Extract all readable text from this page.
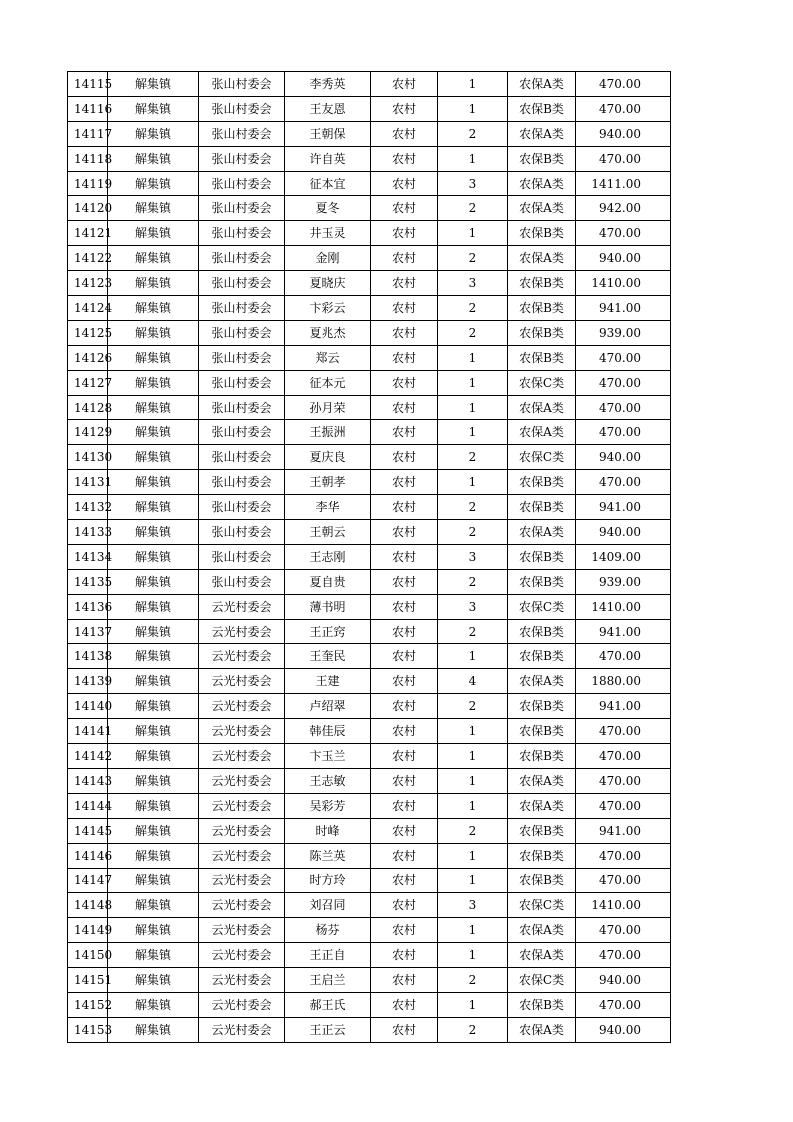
14115	解集镇	张山村委会	李秀英	农村	1	农保A类	470.00
14116	解集镇	张山村委会	王友恩	农村	1	农保B类	470.00
14117	解集镇	张山村委会	王朝保	农村	2	农保A类	940.00
14118	解集镇	张山村委会	许自英	农村	1	农保B类	470.00
14119	解集镇	张山村委会	征本宜	农村	3	农保A类	1411.00
14120	解集镇	张山村委会	夏冬	农村	2	农保A类	942.00
14121	解集镇	张山村委会	井玉灵	农村	1	农保B类	470.00
14122	解集镇	张山村委会	金刚	农村	2	农保A类	940.00
14123	解集镇	张山村委会	夏晓庆	农村	3	农保B类	1410.00
14124	解集镇	张山村委会	卞彩云	农村	2	农保B类	941.00
14125	解集镇	张山村委会	夏兆杰	农村	2	农保B类	939.00
14126	解集镇	张山村委会	郑云	农村	1	农保B类	470.00
14127	解集镇	张山村委会	征本元	农村	1	农保C类	470.00
14128	解集镇	张山村委会	孙月荣	农村	1	农保A类	470.00
14129	解集镇	张山村委会	王振洲	农村	1	农保A类	470.00
14130	解集镇	张山村委会	夏庆良	农村	2	农保C类	940.00
14131	解集镇	张山村委会	王朝孝	农村	1	农保B类	470.00
14132	解集镇	张山村委会	李华	农村	2	农保B类	941.00
14133	解集镇	张山村委会	王朝云	农村	2	农保A类	940.00
14134	解集镇	张山村委会	王志刚	农村	3	农保B类	1409.00
14135	解集镇	张山村委会	夏自贵	农村	2	农保B类	939.00
14136	解集镇	云光村委会	薄书明	农村	3	农保C类	1410.00
14137	解集镇	云光村委会	王正窍	农村	2	农保B类	941.00
14138	解集镇	云光村委会	王奎民	农村	1	农保B类	470.00
14139	解集镇	云光村委会	王建	农村	4	农保A类	1880.00
14140	解集镇	云光村委会	卢绍翠	农村	2	农保B类	941.00
14141	解集镇	云光村委会	韩佳辰	农村	1	农保B类	470.00
14142	解集镇	云光村委会	卞玉兰	农村	1	农保B类	470.00
14143	解集镇	云光村委会	王志敏	农村	1	农保A类	470.00
14144	解集镇	云光村委会	吴彩芳	农村	1	农保A类	470.00
14145	解集镇	云光村委会	时峰	农村	2	农保B类	941.00
14146	解集镇	云光村委会	陈兰英	农村	1	农保B类	470.00
14147	解集镇	云光村委会	时方玲	农村	1	农保B类	470.00
14148	解集镇	云光村委会	刘召同	农村	3	农保C类	1410.00
14149	解集镇	云光村委会	杨芬	农村	1	农保A类	470.00
14150	解集镇	云光村委会	王正自	农村	1	农保A类	470.00
14151	解集镇	云光村委会	王启兰	农村	2	农保C类	940.00
14152	解集镇	云光村委会	郝王氏	农村	1	农保B类	470.00
14153	解集镇	云光村委会	王正云	农村	2	农保A类	940.00
